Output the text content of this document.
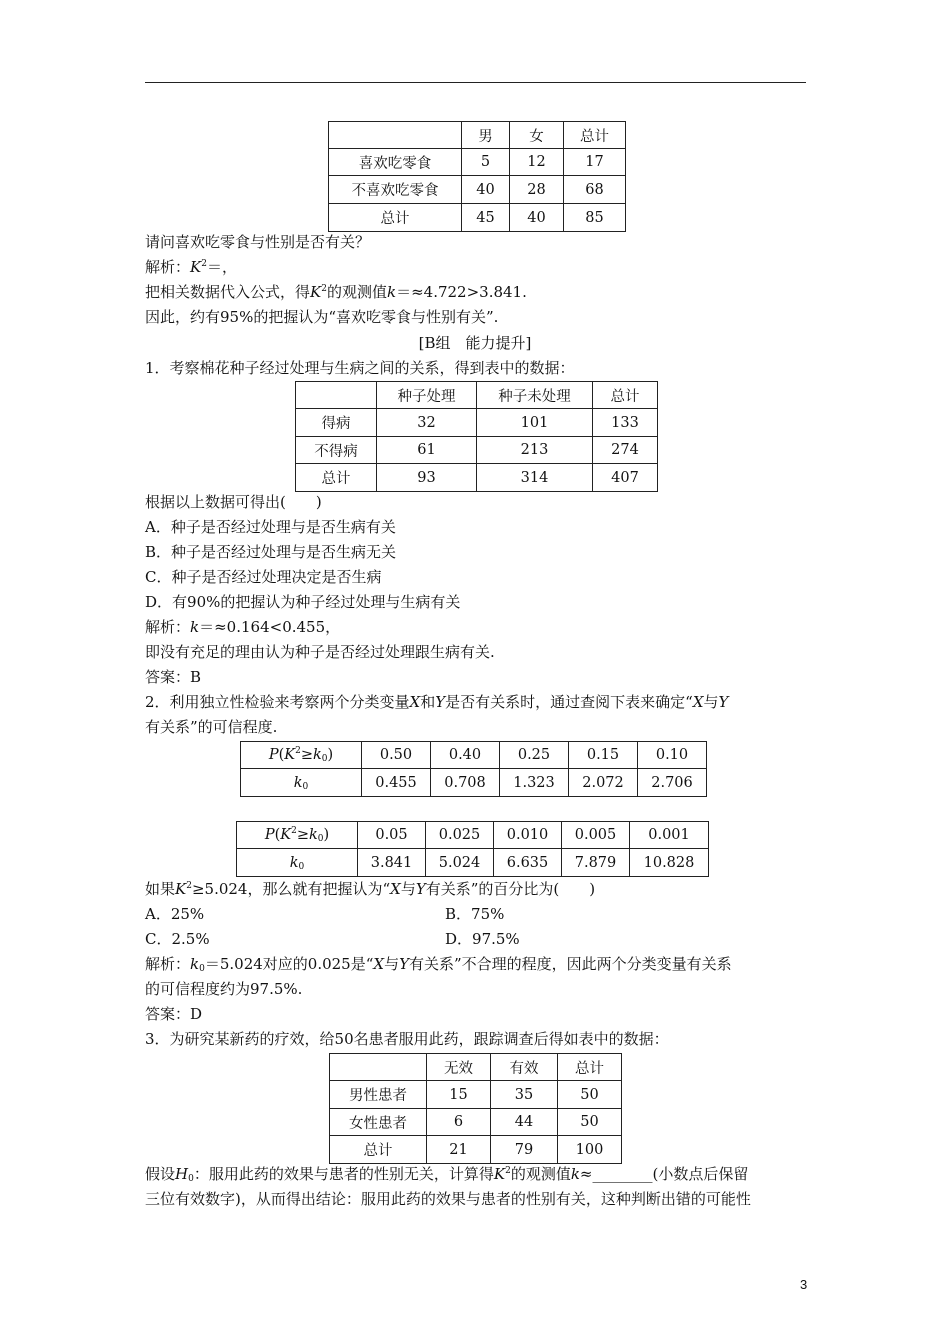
	男	女	总计
喜欢吃零食	5	12	17
不喜欢吃零食	40	28	68
总计	45	40	85
请问喜欢吃零食与性别是否有关？
解析：$K^2=$，
把相关数据代入公式，得$K^2$的观测值k＝≈4.722>3.841.
因此，约有95%的把握认为“喜欢吃零食与性别有关”.
[B组　能力提升]
1．考察棉花种子经过处理与生病之间的关系，得到表中的数据：
	种子处理	种子未处理	总计
得病	32	101	133
不得病	61	213	274
总计	93	314	407
根据以上数据可得出(　　)
A．种子是否经过处理与是否生病有关
B．种子是否经过处理与是否生病无关
C．种子是否经过处理决定是否生病
D．有90%的把握认为种子经过处理与生病有关
解析：k＝≈0.164<0.455，
即没有充足的理由认为种子是否经过处理跟生病有关.
答案：B
2．利用独立性检验来考察两个分类变量X和Y是否有关系时，通过查阅下表来确定“X与Y
有关系”的可信程度.
$P(K^2\ge k_0)$	0.50	0.40	0.25	0.15	0.10
$k_0$	0.455	0.708	1.323	2.072	2.706
$P(K^2\ge k_0)$	0.05	0.025	0.010	0.005	0.001
$k_0$	3.841	5.024	6.635	7.879	10.828
如果$K^2\ge 5.024$，那么就有把握认为“X与Y有关系”的百分比为(　　)
A．25%	B．75%
C．2.5%	D．97.5%
解析：$k_0=5.024$对应的0.025是“X与Y有关系”不合理的程度，因此两个分类变量有关系
的可信程度约为97.5%.
答案：D
3．为研究某新药的疗效，给50名患者服用此药，跟踪调查后得如表中的数据：
	无效	有效	总计
男性患者	15	35	50
女性患者	6	44	50
总计	21	79	100
假设$H_0$：服用此药的效果与患者的性别无关，计算得$K^2$的观测值k≈________(小数点后保留
三位有效数字)，从而得出结论：服用此药的效果与患者的性别有关，这种判断出错的可能性
3
